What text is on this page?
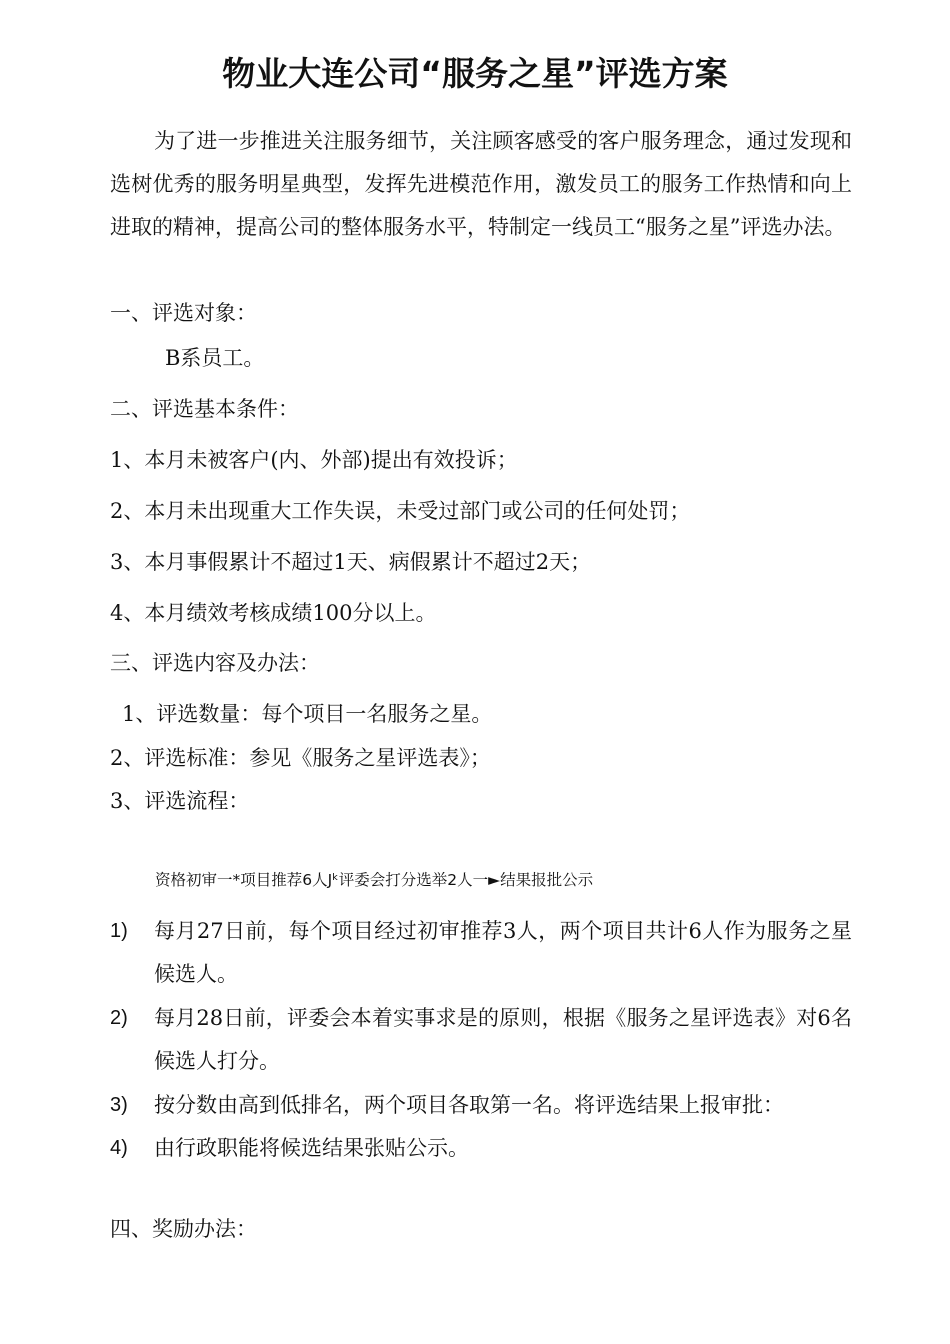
物业大连公司“服务之星”评选方案

为了进一步推进关注服务细节，关注顾客感受的客户服务理念，通过发现和选树优秀的服务明星典型，发挥先进模范作用，激发员工的服务工作热情和向上进取的精神，提高公司的整体服务水平，特制定一线员工“服务之星”评选办法。

一、评选对象：

B系员工。

二、评选基本条件：

1、本月未被客户(内、外部)提出有效投诉；

2、本月未出现重大工作失误，未受过部门或公司的任何处罚；

3、本月事假累计不超过1天、病假累计不超过2天；

4、本月绩效考核成绩100分以上。

三、评选内容及办法：

1、评选数量：每个项目一名服务之星。

2、评选标准：参见《服务之星评选表》；

3、评选流程：

资格初审一*项目推荐6人Jᵏ评委会打分选举2人一►结果报批公示

1) 每月27日前，每个项目经过初审推荐3人，两个项目共计6人作为服务之星候选人。
2) 每月28日前，评委会本着实事求是的原则，根据《服务之星评选表》对6名候选人打分。
3) 按分数由高到低排名，两个项目各取第一名。将评选结果上报审批：
4) 由行政职能将候选结果张贴公示。

四、奖励办法：
